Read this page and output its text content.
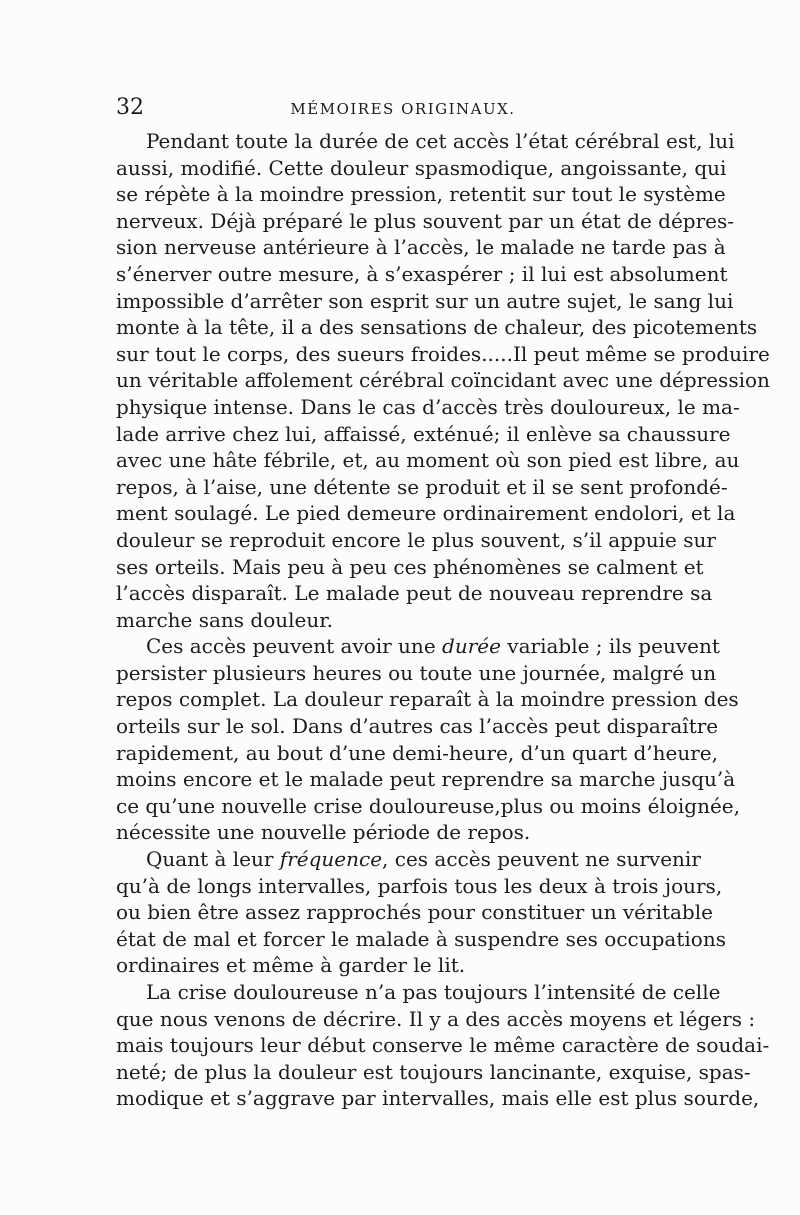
32	MÉMOIRES ORIGINAUX.
Pendant toute la durée de cet accès l’état cérébral est, lui
aussi, modifié. Cette douleur spasmodique, angoissante, qui
se répète à la moindre pression, retentit sur tout le système
nerveux. Déjà préparé le plus souvent par un état de dépres-
sion nerveuse antérieure à l’accès, le malade ne tarde pas à
s’énerver outre mesure, à s’exaspérer ; il lui est absolument
impossible d’arrêter son esprit sur un autre sujet, le sang lui
monte à la tête, il a des sensations de chaleur, des picotements
sur tout le corps, des sueurs froides.....Il peut même se produire
un véritable affolement cérébral coïncidant avec une dépression
physique intense. Dans le cas d’accès très douloureux, le ma-
lade arrive chez lui, affaissé, exténué; il enlève sa chaussure
avec une hâte fébrile, et, au moment où son pied est libre, au
repos, à l’aise, une détente se produit et il se sent profondé-
ment soulagé. Le pied demeure ordinairement endolori, et la
douleur se reproduit encore le plus souvent, s’il appuie sur
ses orteils. Mais peu à peu ces phénomènes se calment et
l’accès disparaît. Le malade peut de nouveau reprendre sa
marche sans douleur.
Ces accès peuvent avoir une durée variable ; ils peuvent
persister plusieurs heures ou toute une journée, malgré un
repos complet. La douleur reparaît à la moindre pression des
orteils sur le sol. Dans d’autres cas l’accès peut disparaître
rapidement, au bout d’une demi-heure, d’un quart d’heure,
moins encore et le malade peut reprendre sa marche jusqu’à
ce qu’une nouvelle crise douloureuse,plus ou moins éloignée,
nécessite une nouvelle période de repos.
Quant à leur fréquence, ces accès peuvent ne survenir
qu’à de longs intervalles, parfois tous les deux à trois jours,
ou bien être assez rapprochés pour constituer un véritable
état de mal et forcer le malade à suspendre ses occupations
ordinaires et même à garder le lit.
La crise douloureuse n’a pas toujours l’intensité de celle
que nous venons de décrire. Il y a des accès moyens et légers :
mais toujours leur début conserve le même caractère de soudai-
neté; de plus la douleur est toujours lancinante, exquise, spas-
modique et s’aggrave par intervalles, mais elle est plus sourde,
